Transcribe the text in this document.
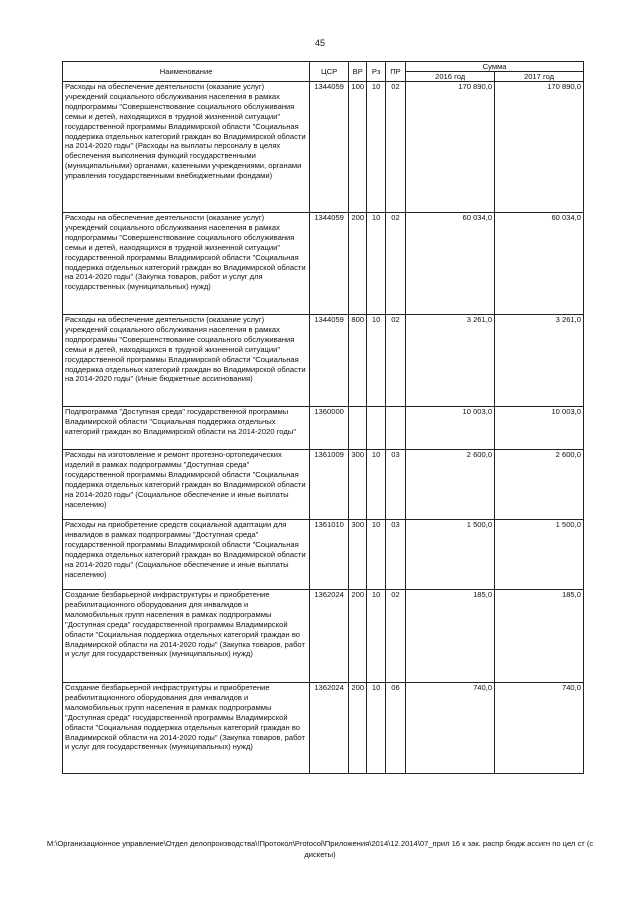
45
Наименование	ЦСР	ВР	Рз	ПР	Сумма	
					2016 год	2017 год
Расходы на обеспечение деятельности (оказание услуг) учреждений социального обслуживания населения в рамках подпрограммы "Совершенствование социального обслуживания семьи и детей, находящихся в трудной жизненной ситуации" государственной программы Владимирской области "Социальная поддержка отдельных категорий граждан во Владимирской области на 2014-2020 годы" (Расходы на выплаты персоналу в целях обеспечения выполнения функций государственными (муниципальными) органами, казенными учреждениями, органами управления государственными внебюджетными фондами)	1344059	100	10	02	170 890,0	170 890,0
Расходы на обеспечение деятельности (оказание услуг) учреждений социального обслуживания населения в рамках подпрограммы "Совершенствование социального обслуживания семьи и детей, находящихся в трудной жизненной ситуации" государственной программы Владимирской области "Социальная поддержка отдельных категорий граждан во Владимирской области на 2014-2020 годы" (Закупка товаров, работ и услуг для государственных (муниципальных) нужд)	1344059	200	10	02	60 034,0	60 034,0
Расходы на обеспечение деятельности (оказание услуг) учреждений социального обслуживания населения в рамках подпрограммы "Совершенствование социального обслуживания семьи и детей, находящихся в трудной жизненной ситуации" государственной программы Владимирской области "Социальная поддержка отдельных категорий граждан во Владимирской области на 2014-2020 годы" (Иные бюджетные ассигнования)	1344059	800	10	02	3 261,0	3 261,0
Подпрограмма "Доступная среда" государственной программы Владимирской области "Социальная поддержка отдельных категорий граждан во Владимирской области на 2014-2020 годы"	1360000				10 003,0	10 003,0
Расходы на изготовление и ремонт протезно-ортопедических изделий в рамках подпрограммы "Доступная среда" государственной программы Владимирской области "Социальная поддержка отдельных категорий граждан во Владимирской области на 2014-2020 годы" (Социальное обеспечение и иные выплаты населению)	1361009	300	10	03	2 600,0	2 600,0
Расходы на приобретение средств социальной адаптации для инвалидов в рамках подпрограммы "Доступная среда" государственной программы Владимирской области "Социальная поддержка отдельных категорий граждан во Владимирской области на 2014-2020 годы" (Социальное обеспечение и иные выплаты населению)	1361010	300	10	03	1 500,0	1 500,0
Создание безбарьерной инфраструктуры и приобретение реабилитационного оборудования для инвалидов и маломобильных групп населения в рамках подпрограммы "Доступная среда" государственной программы Владимирской области "Социальная поддержка отдельных категорий граждан во Владимирской области на 2014-2020 годы" (Закупка товаров, работ и услуг для государственных (муниципальных) нужд)	1362024	200	10	02	185,0	185,0
Создание безбарьерной инфраструктуры и приобретение реабилитационного оборудования для инвалидов и маломобильных групп населения в рамках подпрограммы "Доступная среда" государственной программы Владимирской области "Социальная поддержка отдельных категорий граждан во Владимирской области на 2014-2020 годы" (Закупка товаров, работ и услуг для государственных (муниципальных) нужд)	1362024	200	10	06	740,0	740,0
M:\Организационное управление\Отдел делопроизводства\!Протокол\Protocol\Приложения\2014\12.2014\07_прил 16 к зак. распр бюдж ассигн по цел ст (с дискеты)
